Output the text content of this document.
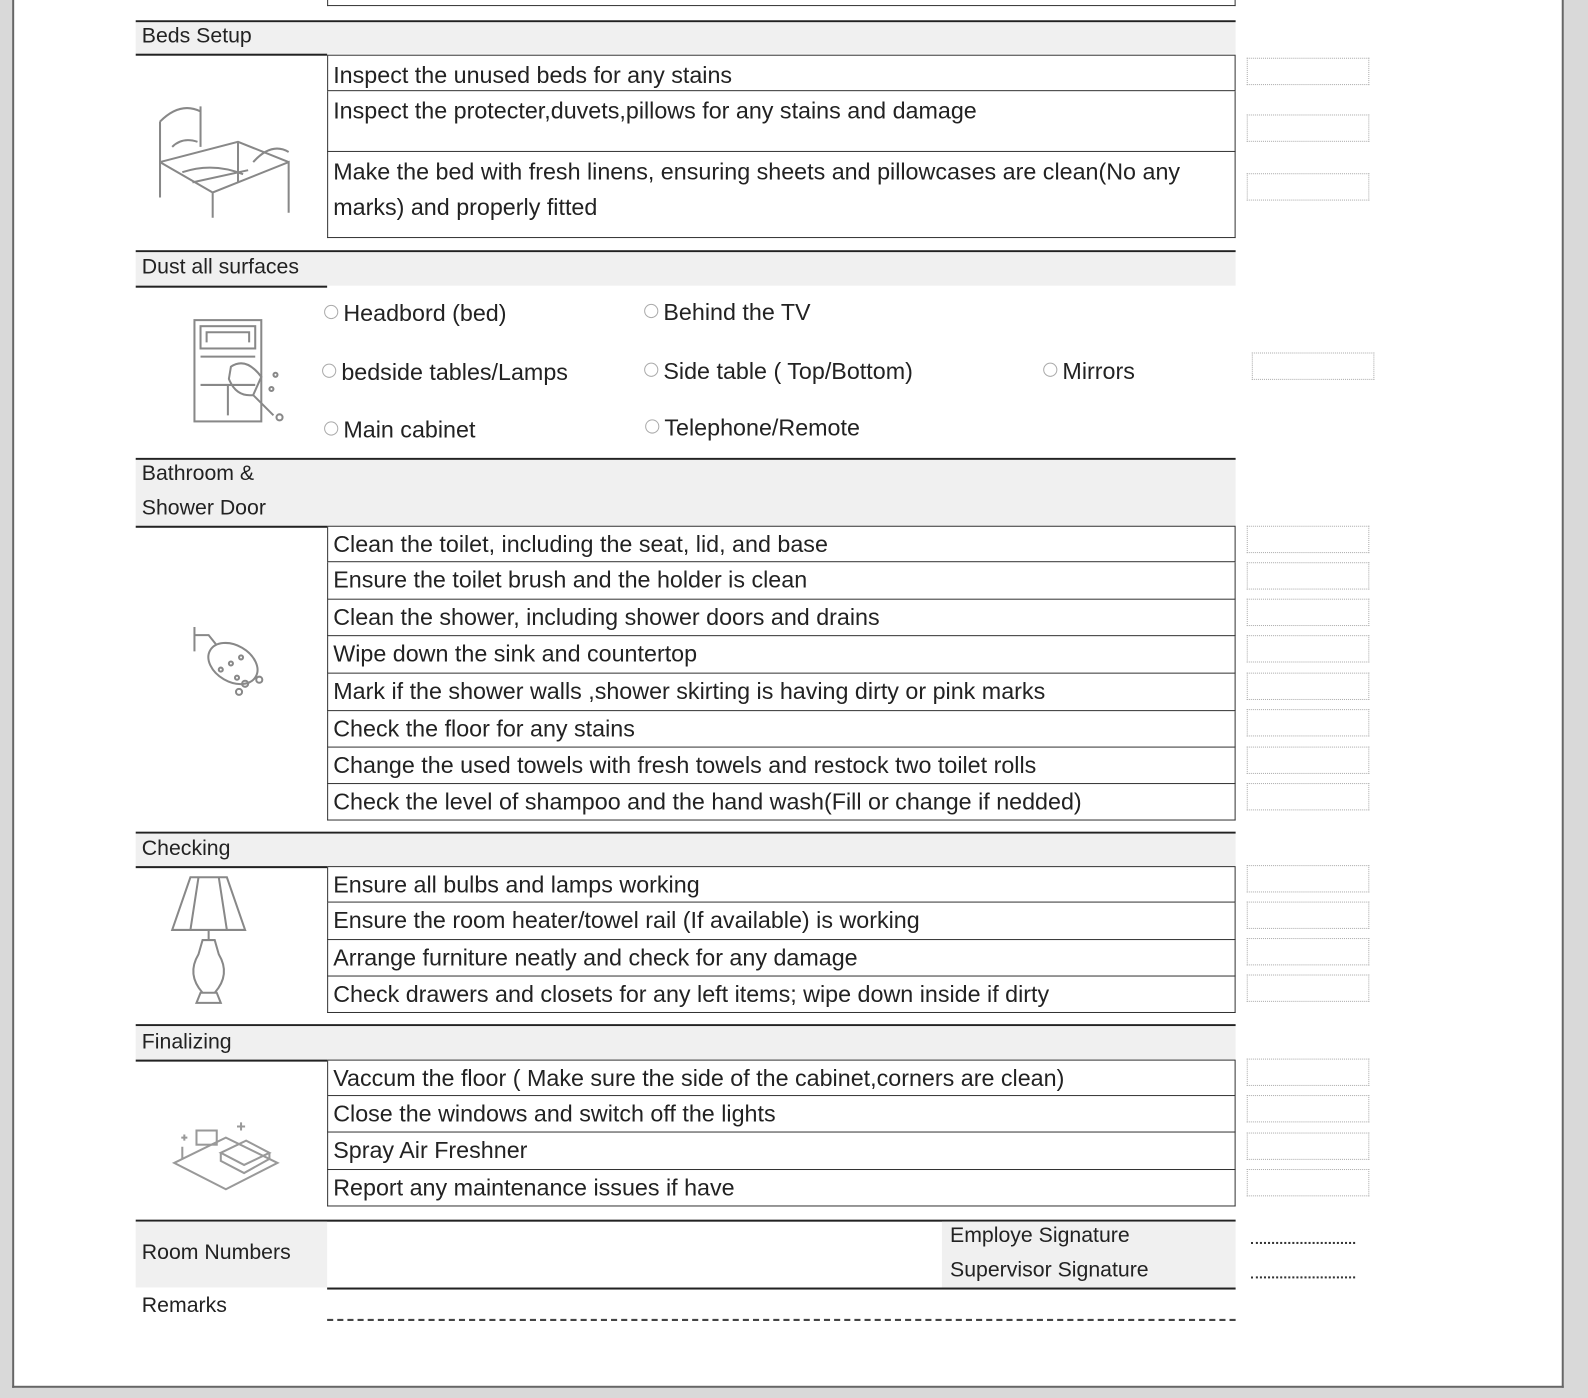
Beds Setup
Inspect the unused beds for any stains
Inspect the protecter,duvets,pillows for any stains and damage
Make the bed with fresh linens, ensuring sheets and pillowcases are clean(No any marks) and properly fitted
Dust all surfaces
Headbord (bed)	Behind the TV
bedside tables/Lamps	Side table ( Top/Bottom)	Mirrors
Main cabinet	Telephone/Remote
Bathroom &
Shower Door
Clean the toilet, including the seat, lid, and base
Ensure the toilet brush and the holder is clean
Clean the shower, including shower doors and drains
Wipe down the sink and countertop
Mark if the shower walls ,shower skirting is having dirty or pink marks
Check the floor for any stains
Change the used towels with fresh towels and restock two toilet rolls
Check the level of shampoo and the hand wash(Fill or change if nedded)
Checking
Ensure all bulbs and lamps working
Ensure the room heater/towel rail (If available) is working
Arrange furniture neatly and check for any damage
Check drawers and closets for any left items; wipe down inside if dirty
Finalizing
Vaccum the floor ( Make sure the side of the cabinet,corners are clean)
Close the windows and switch off the lights
Spray Air Freshner
Report any maintenance issues if have
Room Numbers
Employe Signature
Supervisor Signature
Remarks
